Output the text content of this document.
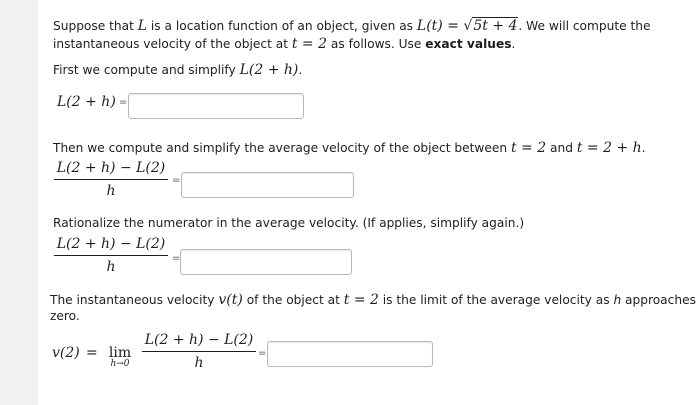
Suppose that L is a location function of an object, given as L(t) = √5t + 4. We will compute the
instantaneous velocity of the object at t = 2 as follows. Use exact values.
First we compute and simplify L(2 + h).
L(2 + h) =
Then we compute and simplify the average velocity of the object between t = 2 and t = 2 + h.
L(2 + h) − L(2)
h
=
Rationalize the numerator in the average velocity. (If applies, simplify again.)
L(2 + h) − L(2)
h
=
The instantaneous velocity v(t) of the object at t = 2 is the limit of the average velocity as h approaches
zero.
v(2) = lim
h→0
L(2 + h) − L(2)
h
=
